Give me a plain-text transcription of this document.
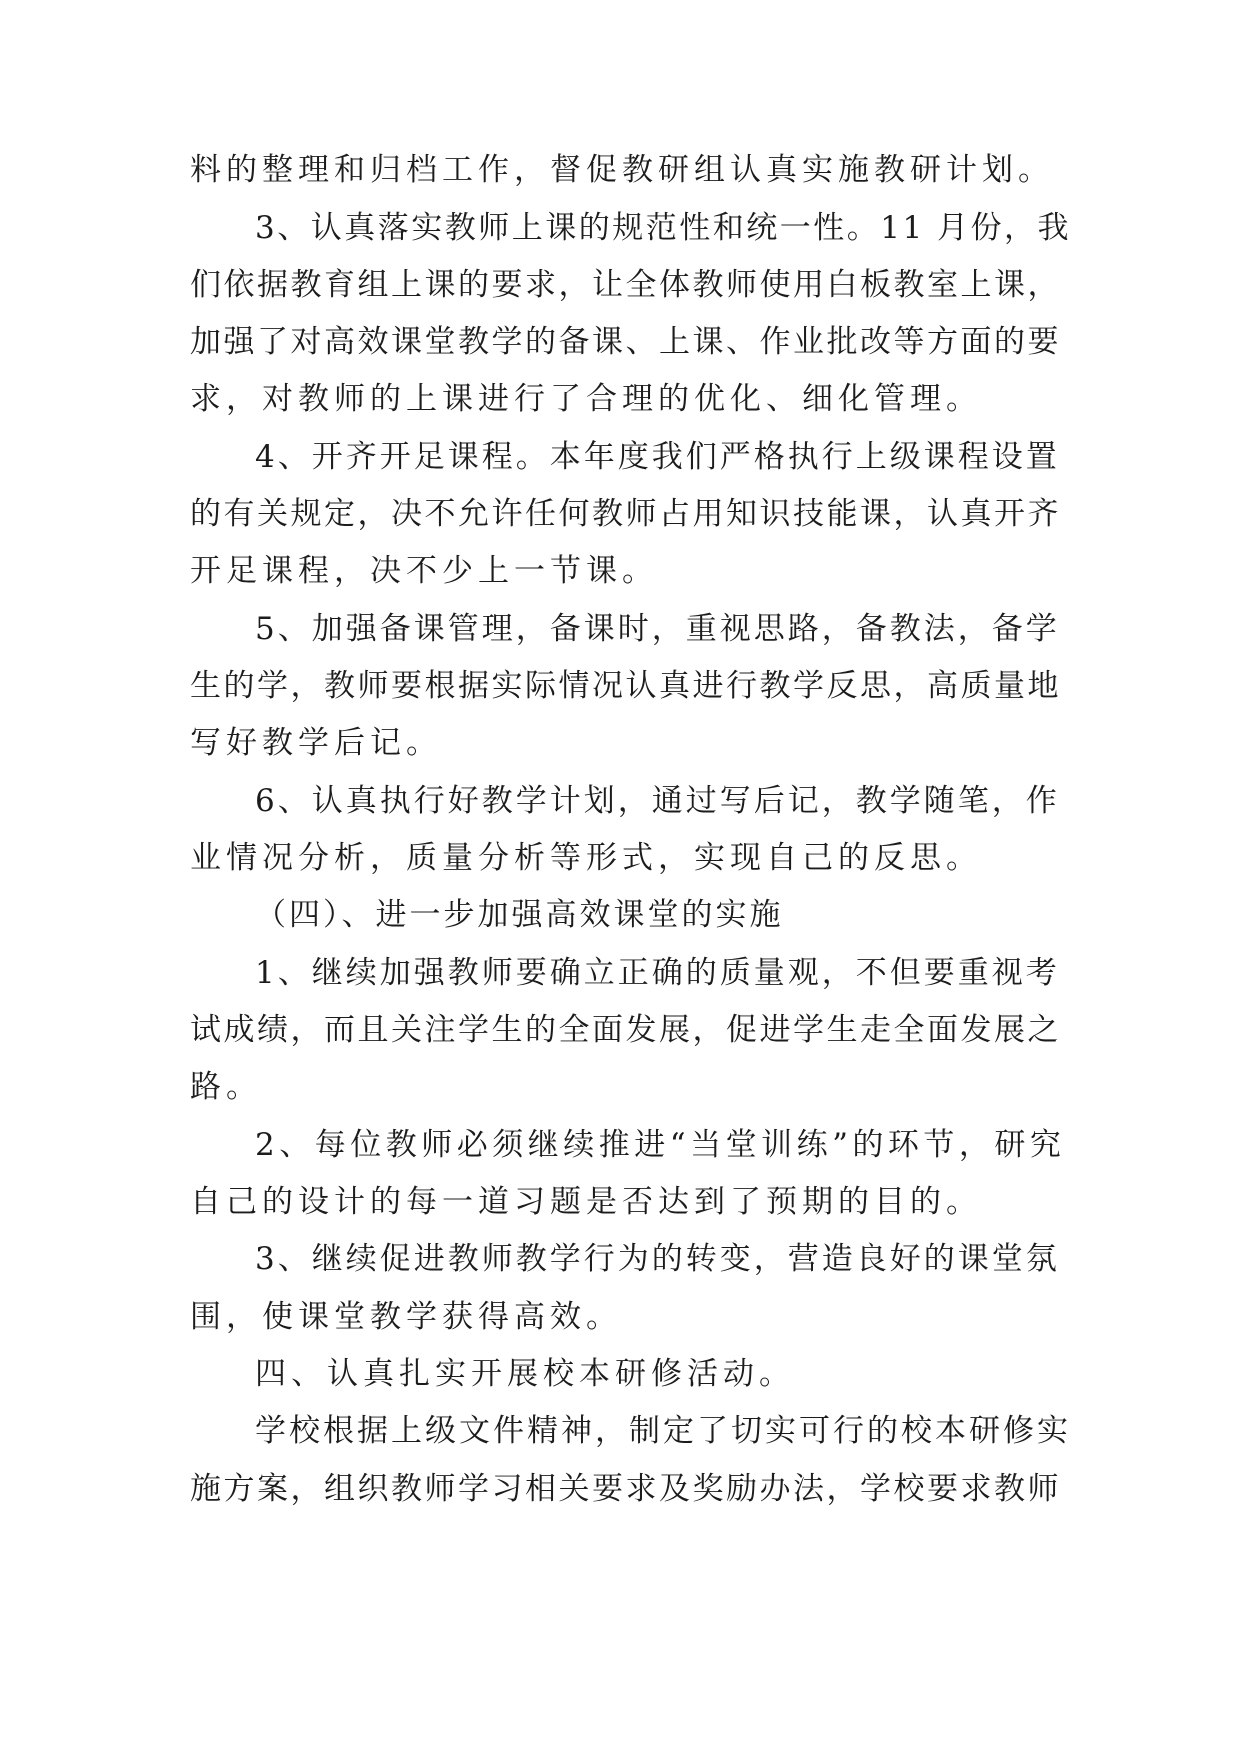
料的整理和归档工作，督促教研组认真实施教研计划。
3、认真落实教师上课的规范性和统一性。11 月份，我
们依据教育组上课的要求，让全体教师使用白板教室上课，
加强了对高效课堂教学的备课、上课、作业批改等方面的要
求，对教师的上课进行了合理的优化、细化管理。
4、开齐开足课程。本年度我们严格执行上级课程设置
的有关规定，决不允许任何教师占用知识技能课，认真开齐
开足课程，决不少上一节课。
5、加强备课管理，备课时，重视思路，备教法，备学
生的学，教师要根据实际情况认真进行教学反思，高质量地
写好教学后记。
6、认真执行好教学计划，通过写后记，教学随笔，作
业情况分析，质量分析等形式，实现自己的反思。
（四）、进一步加强高效课堂的实施
1、继续加强教师要确立正确的质量观，不但要重视考
试成绩，而且关注学生的全面发展，促进学生走全面发展之
路。
2、每位教师必须继续推进“当堂训练”的环节，研究
自己的设计的每一道习题是否达到了预期的目的。
3、继续促进教师教学行为的转变，营造良好的课堂氛
围，使课堂教学获得高效。
四、认真扎实开展校本研修活动。
学校根据上级文件精神，制定了切实可行的校本研修实
施方案，组织教师学习相关要求及奖励办法，学校要求教师
